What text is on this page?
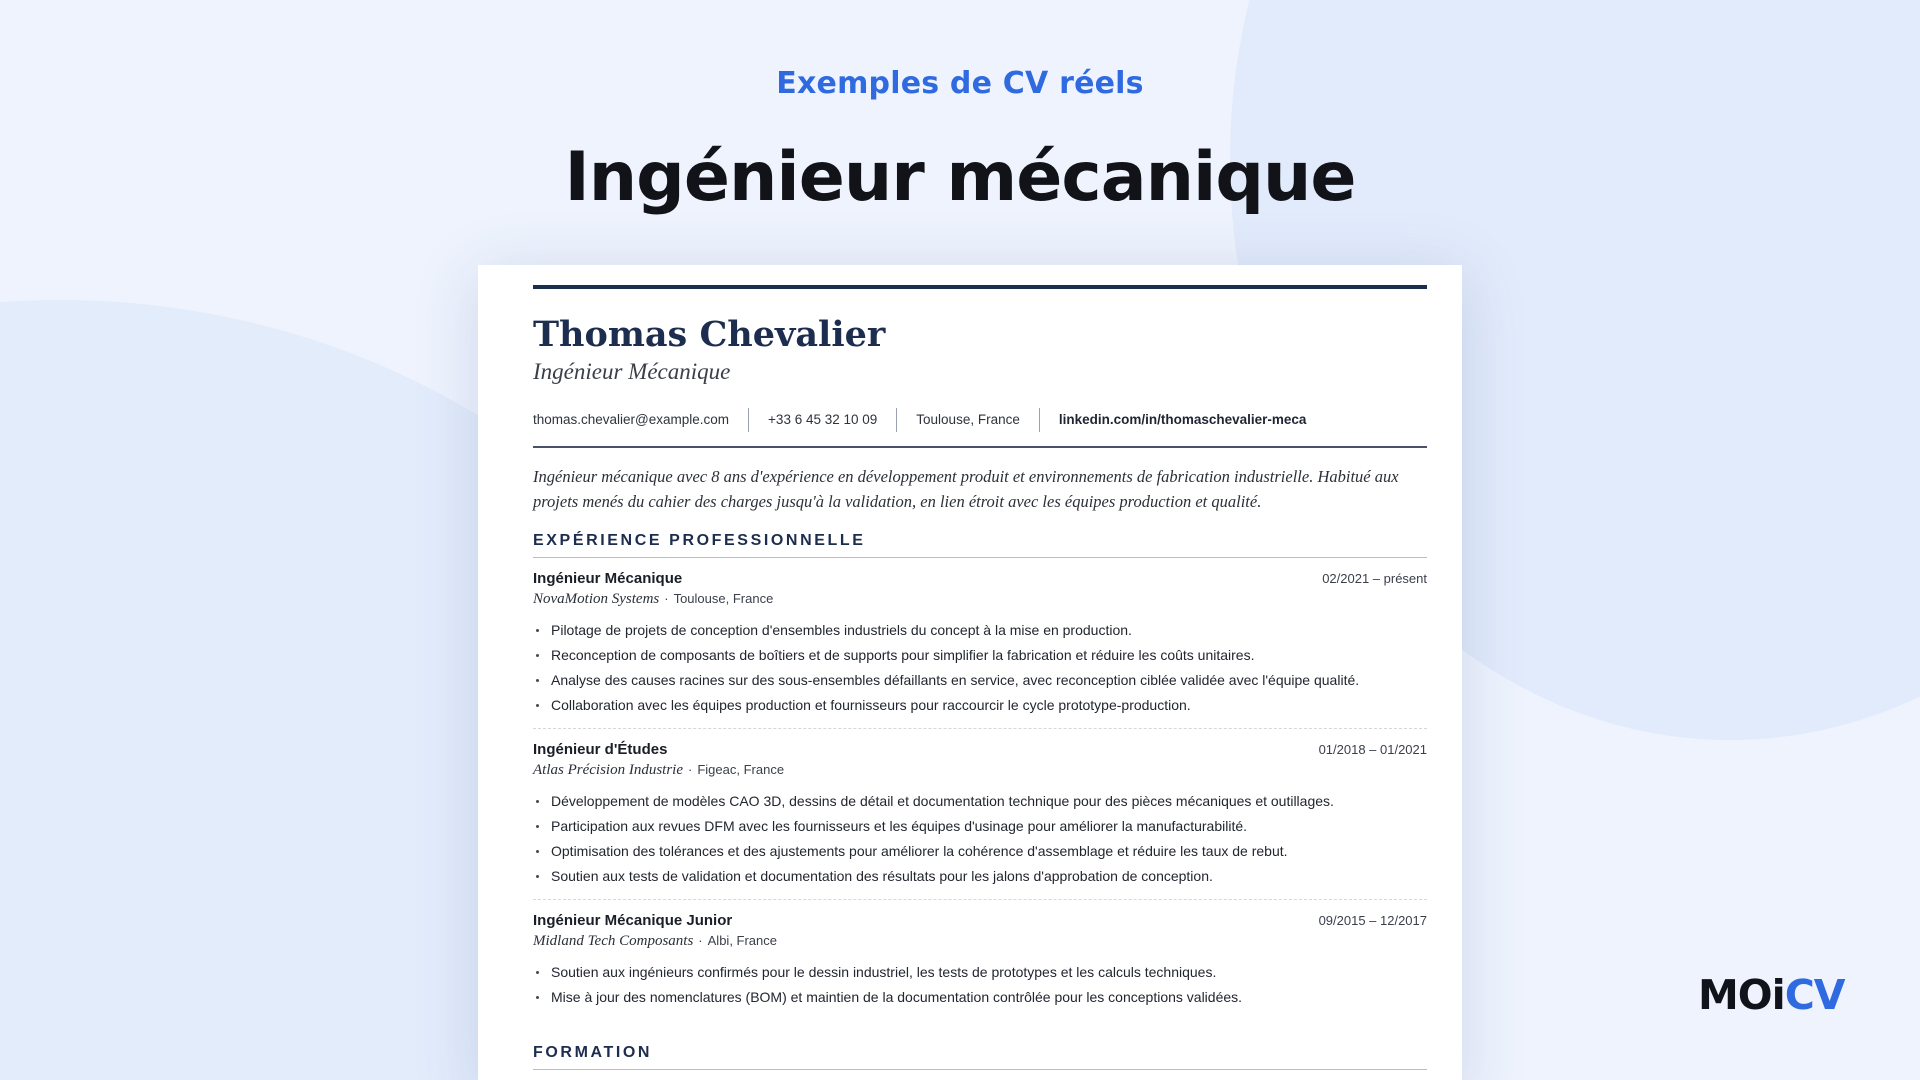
Exemples de CV réels
Ingénieur mécanique
Thomas Chevalier
Ingénieur Mécanique
thomas.chevalier@example.com	+33 6 45 32 10 09	Toulouse, France	linkedin.com/in/thomaschevalier-meca
Ingénieur mécanique avec 8 ans d'expérience en développement produit et environnements de fabrication industrielle. Habitué aux projets menés du cahier des charges jusqu'à la validation, en lien étroit avec les équipes production et qualité.
EXPÉRIENCE PROFESSIONNELLE
Ingénieur Mécanique	02/2021 – présent
NovaMotion Systems · Toulouse, France
Pilotage de projets de conception d'ensembles industriels du concept à la mise en production.
Reconception de composants de boîtiers et de supports pour simplifier la fabrication et réduire les coûts unitaires.
Analyse des causes racines sur des sous-ensembles défaillants en service, avec reconception ciblée validée avec l'équipe qualité.
Collaboration avec les équipes production et fournisseurs pour raccourcir le cycle prototype-production.
Ingénieur d'Études	01/2018 – 01/2021
Atlas Précision Industrie · Figeac, France
Développement de modèles CAO 3D, dessins de détail et documentation technique pour des pièces mécaniques et outillages.
Participation aux revues DFM avec les fournisseurs et les équipes d'usinage pour améliorer la manufacturabilité.
Optimisation des tolérances et des ajustements pour améliorer la cohérence d'assemblage et réduire les taux de rebut.
Soutien aux tests de validation et documentation des résultats pour les jalons d'approbation de conception.
Ingénieur Mécanique Junior	09/2015 – 12/2017
Midland Tech Composants · Albi, France
Soutien aux ingénieurs confirmés pour le dessin industriel, les tests de prototypes et les calculs techniques.
Mise à jour des nomenclatures (BOM) et maintien de la documentation contrôlée pour les conceptions validées.
FORMATION
MOiCV
